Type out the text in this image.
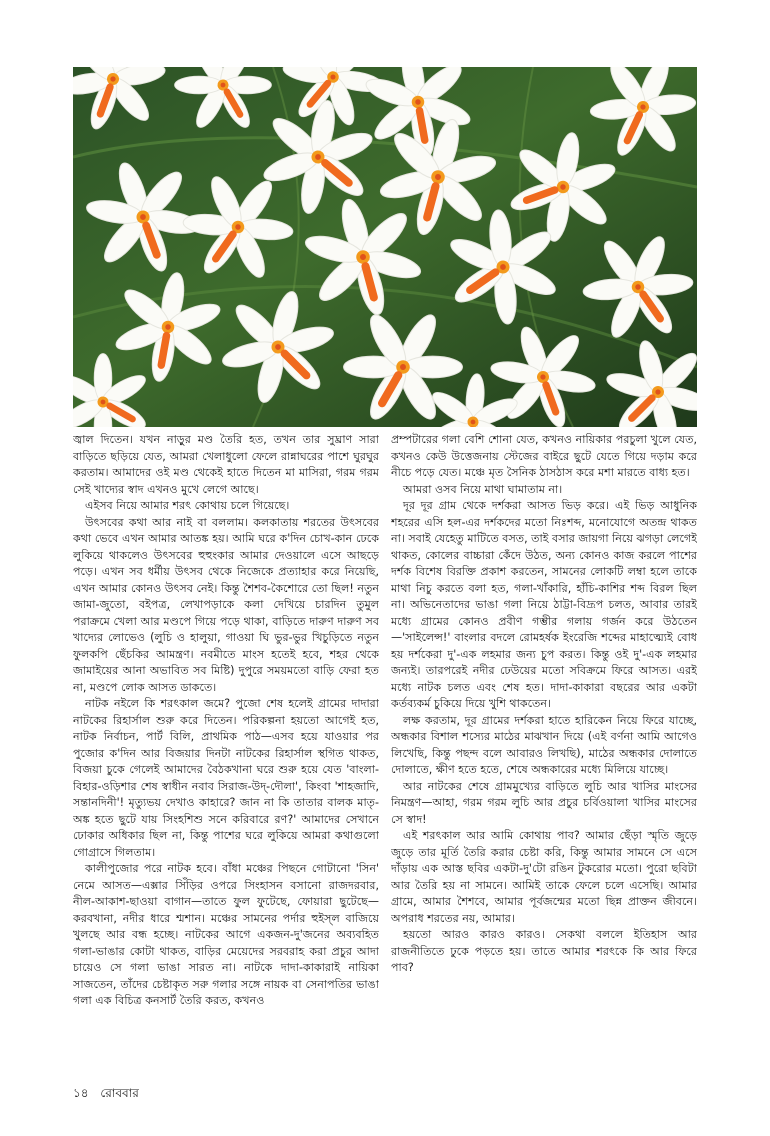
জ্বাল দিতেন। যখন নাড়ুর মণ্ড তৈরি হত, তখন তার সুঘ্রাণ সারা বাড়িতে ছড়িয়ে যেত, আমরা খেলাধুলো ফেলে রান্নাঘরের পাশে ঘুরঘুর করতাম। আমাদের ওই মণ্ড থেকেই হাতে দিতেন মা মাসিরা, গরম গরম সেই খাদ্যের স্বাদ এখনও মুখে লেগে আছে।

এইসব নিয়ে আমার শরৎ কোথায় চলে গিয়েছে।

উৎসবের কথা আর নাই বা বললাম। কলকাতায় শরতের উৎসবের কথা ভেবে এখন আমার আতঙ্ক হয়। আমি ঘরে ক'দিন চোখ-কান ঢেকে লুকিয়ে থাকলেও উৎসবের হুহুংকার আমার দেওয়ালে এসে আছড়ে পড়ে। এখন সব ধর্মীয় উৎসব থেকে নিজেকে প্রত্যাহার করে নিয়েছি, এখন আমার কোনও উৎসব নেই। কিন্তু শৈশব-কৈশোরে তো ছিল! নতুন জামা-জুতো, বইপত্র, লেখাপড়াকে কলা দেখিয়ে চারদিন তুমুল পরাক্রমে খেলা আর মণ্ডপে গিয়ে পড়ে থাকা, বাড়িতে দারুণ দারুণ সব খাদ্যের লোভেও (লুচি ও হালুয়া, গাওয়া ঘি ভুর-ভুর খিচুড়িতে নতুন ফুলকপি ছেঁচকির আমন্ত্রণ। নবমীতে মাংস হতেই হবে, শহর থেকে জামাইয়ের আনা অভাবিত সব মিষ্টি) দুপুরে সময়মতো বাড়ি ফেরা হত না, মণ্ডপে লোক আসত ডাকতে।

নাটক নইলে কি শরৎকাল জমে? পুজো শেষ হলেই গ্রামের দাদারা নাটকের রিহার্সাল শুরু করে দিতেন। পরিকল্পনা হয়তো আগেই হত, নাটক নির্বাচন, পার্ট বিলি, প্রাথমিক পাঠ—এসব হয়ে যাওয়ার পর পুজোর ক'দিন আর বিজয়ার দিনটা নাটকের রিহার্সাল স্থগিত থাকত, বিজয়া চুকে গেলেই আমাদের বৈঠকখানা ঘরে শুরু হয়ে যেত 'বাংলা-বিহার-ওড়িশার শেষ স্বাধীন নবাব সিরাজ-উদ্-দৌলা', কিংবা 'শাহজাদি, সন্তানদিনী'! মৃত্যুভয় দেখাও কাহারে? জান না কি তাতার বালক মাতৃ-অঙ্ক হতে ছুটে যায় সিংহশিশু সনে করিবারে রণ?' আমাদের সেখানে ঢোকার অধিকার ছিল না, কিন্তু পাশের ঘরে লুকিয়ে আমরা কথাগুলো গোগ্রাসে গিলতাম।

কালীপুজোর পরে নাটক হবে। বাঁধা মঞ্চের পিছনে গোটানো 'সিন' নেমে আসত—এক্সার সিঁড়ির ওপরে সিংহাসন বসানো রাজদরবার, নীল-আকাশ-ছাওয়া বাগান—তাতে ফুল ফুটেছে, ফোয়ারা ছুটেছে—করবখানা, নদীর ধারে শ্মশান। মঞ্চের সামনের পর্দার হুইস্‌ল বাজিয়ে খুলছে আর বন্ধ হচ্ছে। নাটকের আগে একজন-দু'জনের অব্যবহিত গলা-ভাঙার কোটা থাকত, বাড়ির মেয়েদের সরবরাহ করা প্রচুর আদা চায়েও সে গলা ভাঙা সারত না। নাটকে দাদা-কাকারাই নায়িকা সাজতেন, তাঁদের চেষ্টাকৃত সরু গলার সঙ্গে নায়ক বা সেনাপতির ভাঙা গলা এক বিচিত্র কনসার্ট তৈরি করত, কখনও

প্রম্পটারের গলা বেশি শোনা যেত, কখনও নায়িকার পরচুলা খুলে যেত, কখনও কেউ উত্তেজনায় স্টেজের বাইরে ছুটে যেতে গিয়ে দড়াম করে নীচে পড়ে যেত। মঞ্চে মৃত সৈনিক ঠাসঠাস করে মশা মারতে বাধ্য হত।

আমরা ওসব নিয়ে মাথা ঘামাতাম না।

দূর দূর গ্রাম থেকে দর্শকরা আসত ভিড় করে। এই ভিড় আধুনিক শহরের এসি হল-এর দর্শকদের মতো নিঃশব্দ, মনোযোগে অতন্দ্র থাকত না। সবাই যেহেতু মাটিতে বসত, তাই বসার জায়গা নিয়ে ঝগড়া লেগেই থাকত, কোলের বাচ্চারা কেঁদে উঠত, অন্য কোনও কাজ করলে পাশের দর্শক বিশেষ বিরক্তি প্রকাশ করতেন, সামনের লোকটি লম্বা হলে তাকে মাথা নিচু করতে বলা হত, গলা-খাঁকারি, হাঁচি-কাশির শব্দ বিরল ছিল না। অভিনেতাদের ভাঙা গলা নিয়ে ঠাট্টা-বিদ্রূপ চলত, আবার তারই মধ্যে গ্রামের কোনও প্রবীণ গম্ভীর গলায় গর্জন করে উঠতেন—'সাইলেন্স!' বাংলার বদলে রোমহর্ষক ইংরেজি শব্দের মাহাত্ম্যেই বোধ হয় দর্শকেরা দু'-এক লহমার জন্য চুপ করত। কিন্তু ওই দু'-এক লহমার জন্যই। তারপরেই নদীর ঢেউয়ের মতো সবিক্রমে ফিরে আসত। এরই মধ্যে নাটক চলত এবং শেষ হত। দাদা-কাকারা বছরের আর একটা কর্তব্যকর্ম চুকিয়ে দিয়ে খুশি থাকতেন।

লক্ষ করতাম, দূর গ্রামের দর্শকরা হাতে হারিকেন নিয়ে ফিরে যাচ্ছে, অন্ধকার বিশাল শস্যের মাঠের মাঝখান দিয়ে (এই বর্ণনা আমি আগেও লিখেছি, কিন্তু পছন্দ বলে আবারও লিখছি), মাঠের অন্ধকার দোলাতে দোলাতে, ক্ষীণ হতে হতে, শেষে অন্ধকারের মধ্যে মিলিয়ে যাচ্ছে।

আর নাটকের শেষে গ্রামমুখ্যের বাড়িতে লুচি আর খাসির মাংসের নিমন্ত্রণ—আহা, গরম গরম লুচি আর প্রচুর চর্বিওয়ালা খাসির মাংসের সে স্বাদ!

এই শরৎকাল আর আমি কোথায় পাব? আমার ছেঁড়া স্মৃতি জুড়ে জুড়ে তার মূর্তি তৈরি করার চেষ্টা করি, কিন্তু আমার সামনে সে এসে দাঁড়ায় এক আস্ত ছবির একটা-দু'টো রঙিন টুকরোর মতো। পুরো ছবিটা আর তৈরি হয় না সামনে। আমিই তাকে ফেলে চলে এসেছি। আমার গ্রামে, আমার শৈশবে, আমার পূর্বজন্মের মতো ছিন্ন প্রাক্তন জীবনে। অপরাধ শরতের নয়, আমার।

হয়তো আরও কারও কারও। সেকথা বললে ইতিহাস আর রাজনীতিতে ঢুকে পড়তে হয়। তাতে আমার শরৎকে কি আর ফিরে পাব?

১৪ রোববার
